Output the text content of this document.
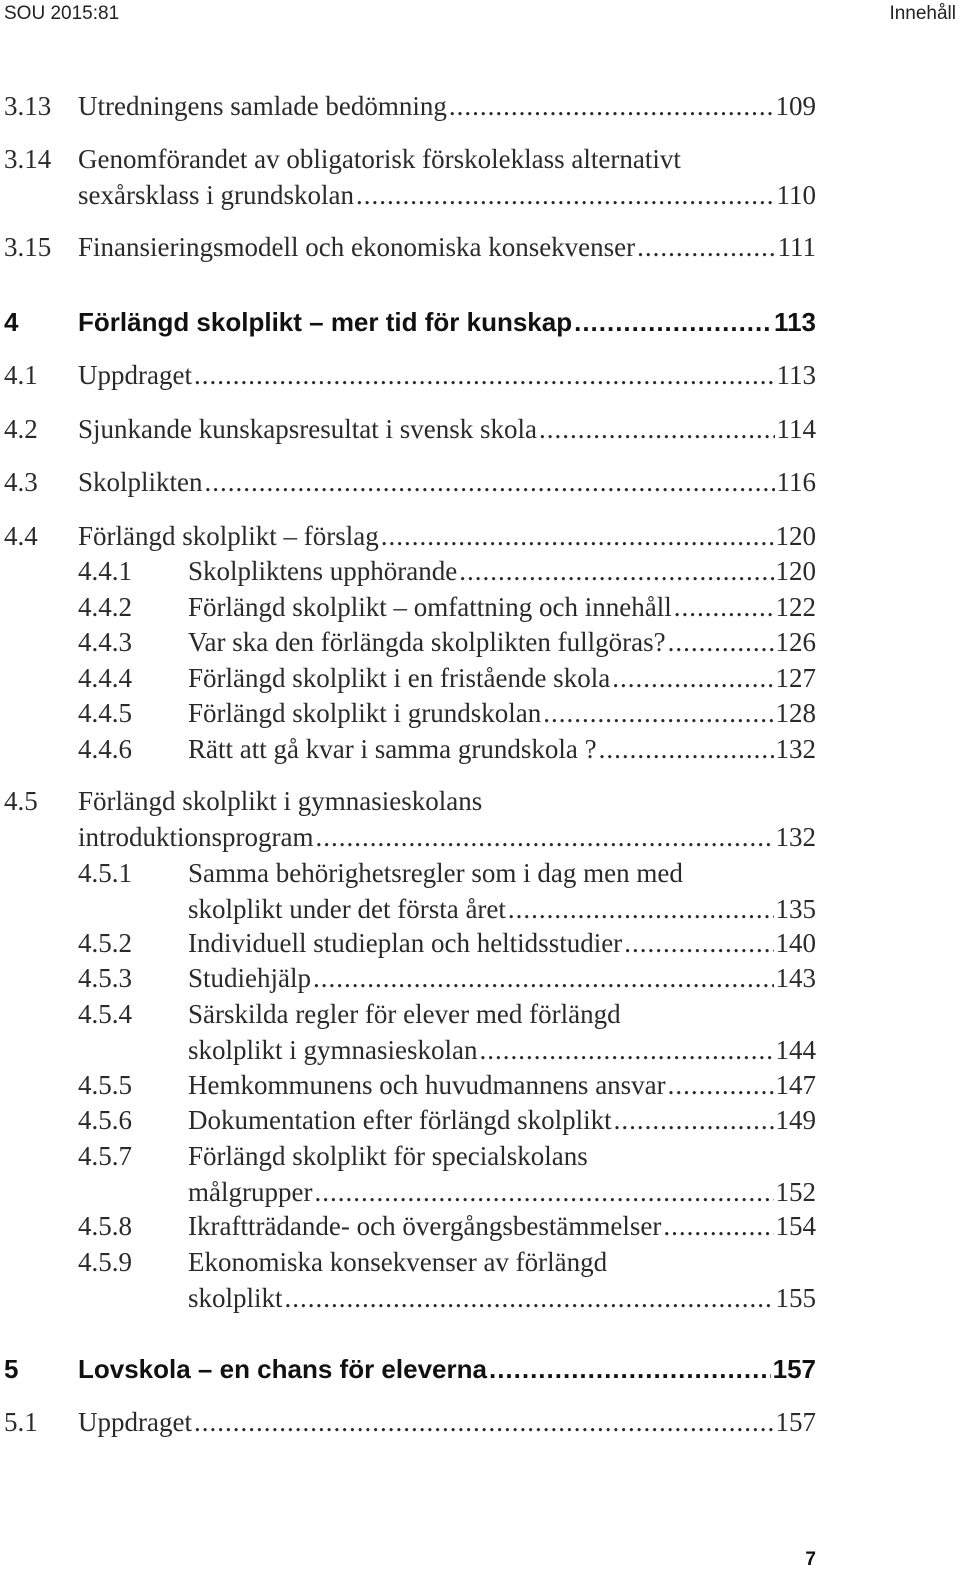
SOU 2015:81	Innehåll
3.13 Utredningens samlade bedömning .....	109
3.14 Genomförandet av obligatorisk förskoleklass alternativt
sexårsklass i grundskolan .....	110
3.15 Finansieringsmodell och ekonomiska konsekvenser .....	111
4 Förlängd skolplikt – mer tid för kunskap .....	113
4.1 Uppdraget .....	113
4.2 Sjunkande kunskapsresultat i svensk skola .....	114
4.3 Skolplikten .....	116
4.4 Förlängd skolplikt – förslag .....	120
4.4.1 Skolpliktens upphörande .....	120
4.4.2 Förlängd skolplikt – omfattning och innehåll .....	122
4.4.3 Var ska den förlängda skolplikten fullgöras? .....	126
4.4.4 Förlängd skolplikt i en fristående skola .....	127
4.4.5 Förlängd skolplikt i grundskolan .....	128
4.4.6 Rätt att gå kvar i samma grundskola ? .....	132
4.5 Förlängd skolplikt i gymnasieskolans
introduktionsprogram .....	132
4.5.1 Samma behörighetsregler som i dag men med
skolplikt under det första året .....	135
4.5.2 Individuell studieplan och heltidsstudier .....	140
4.5.3 Studiehjälp .....	143
4.5.4 Särskilda regler för elever med förlängd
skolplikt i gymnasieskolan .....	144
4.5.5 Hemkommunens och huvudmannens ansvar .....	147
4.5.6 Dokumentation efter förlängd skolplikt .....	149
4.5.7 Förlängd skolplikt för specialskolans
målgrupper .....	152
4.5.8 Ikraftträdande- och övergångsbestämmelser .....	154
4.5.9 Ekonomiska konsekvenser av förlängd
skolplikt .....	155
5 Lovskola – en chans för eleverna .....	157
5.1 Uppdraget .....	157
7
